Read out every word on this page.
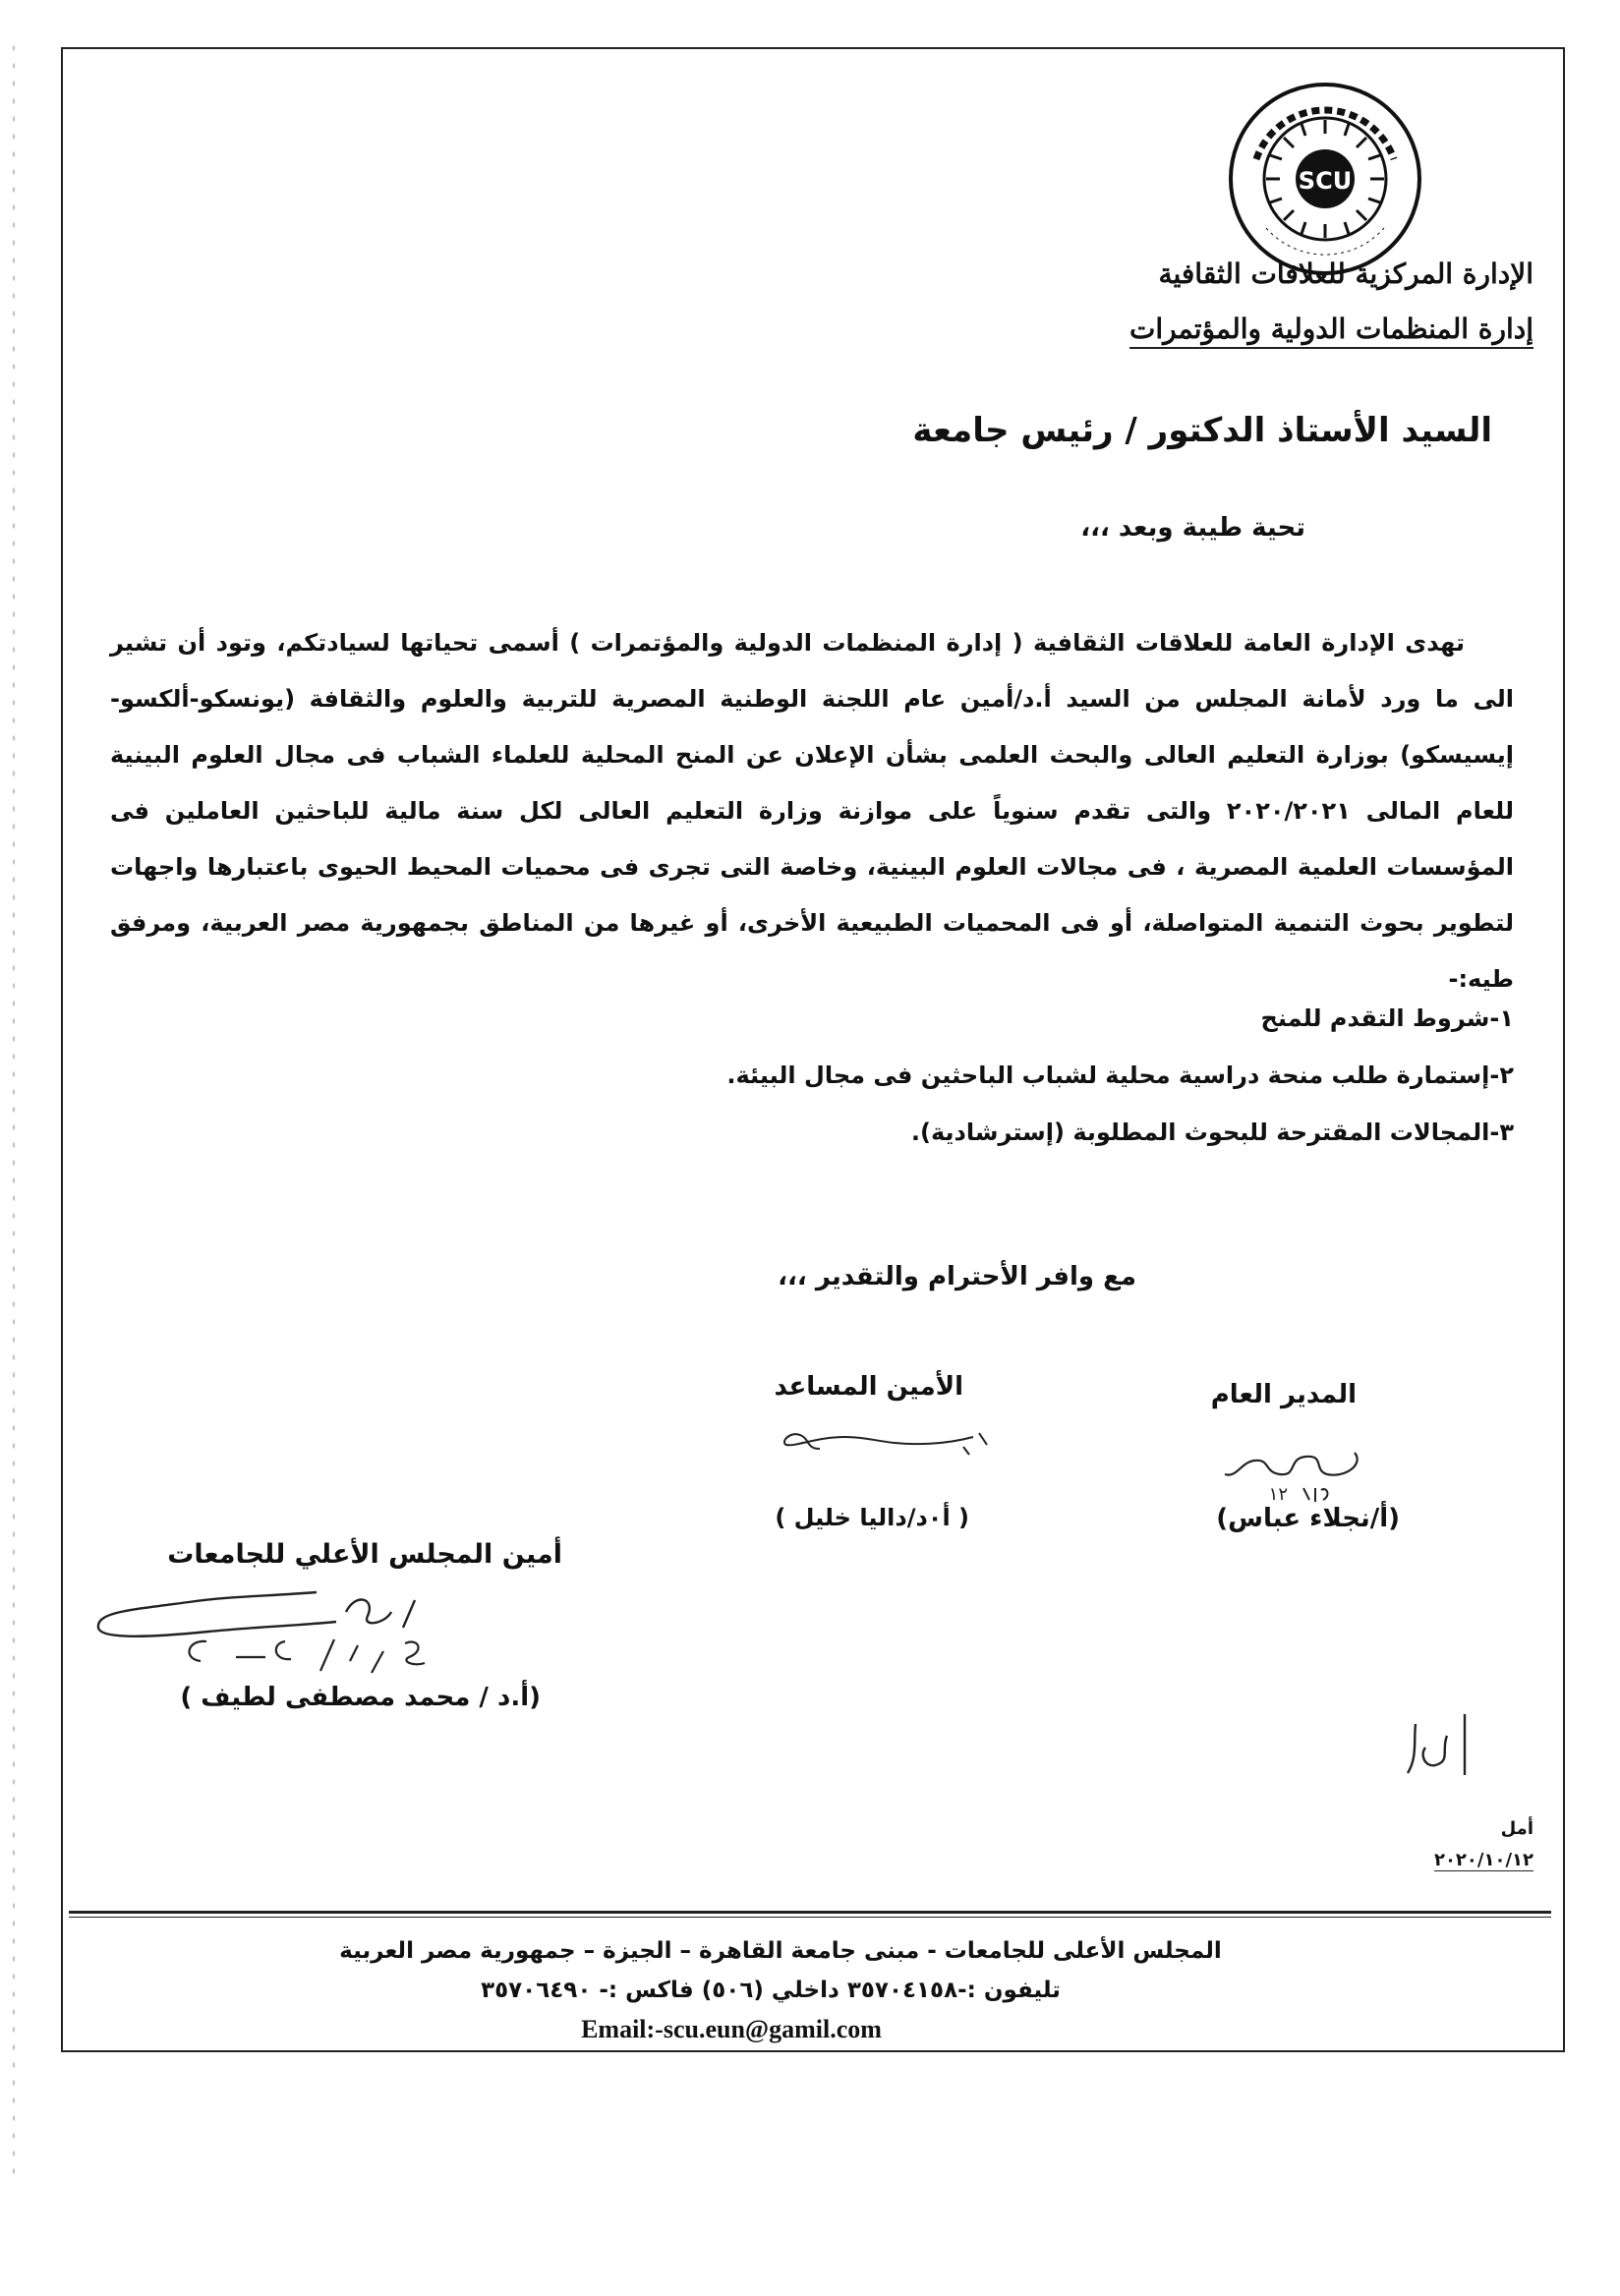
SCU
الإدارة المركزية للعلاقات الثقافية
إدارة المنظمات الدولية والمؤتمرات
السيد الأستاذ الدكتور / رئيس جامعة
تحية طيبة وبعد ،،،
تهدى الإدارة العامة للعلاقات الثقافية ( إدارة المنظمات الدولية والمؤتمرات ) أسمى تحياتها لسيادتكم، وتود أن تشير الى ما ورد لأمانة المجلس من السيد أ.د/أمين عام اللجنة الوطنية المصرية للتربية والعلوم والثقافة (يونسكو-ألكسو-إيسيسكو) بوزارة التعليم العالى والبحث العلمى بشأن الإعلان عن المنح المحلية للعلماء الشباب فى مجال العلوم البينية للعام المالى ٢٠٢٠/٢٠٢١ والتى تقدم سنوياً على موازنة وزارة التعليم العالى لكل سنة مالية للباحثين العاملين فى المؤسسات العلمية المصرية ، فى مجالات العلوم البينية، وخاصة التى تجرى فى محميات المحيط الحيوى باعتبارها واجهات لتطوير بحوث التنمية المتواصلة، أو فى المحميات الطبيعية الأخرى، أو غيرها من المناطق بجمهورية مصر العربية، ومرفق طيه:-
١-شروط التقدم للمنح
٢-إستمارة طلب منحة دراسية محلية لشباب الباحثين فى مجال البيئة.
٣-المجالات المقترحة للبحوث المطلوبة (إسترشادية).
مع وافر الأحترام والتقدير ،،،
المدير العام
الأمين المساعد
١٢
(أ/نجلاء عباس)
( أ٠د/داليا خليل )
أمين المجلس الأعلي للجامعات
(أ.د / محمد مصطفى لطيف )
أمل
٢٠٢٠/١٠/١٢
المجلس الأعلى للجامعات - مبنى جامعة القاهرة – الجيزة – جمهورية مصر العربية
تليفون :-٣٥٧٠٤١٥٨ داخلي (٥٠٦) فاكس :- ٣٥٧٠٦٤٩٠
Email:-scu.eun@gamil.com
